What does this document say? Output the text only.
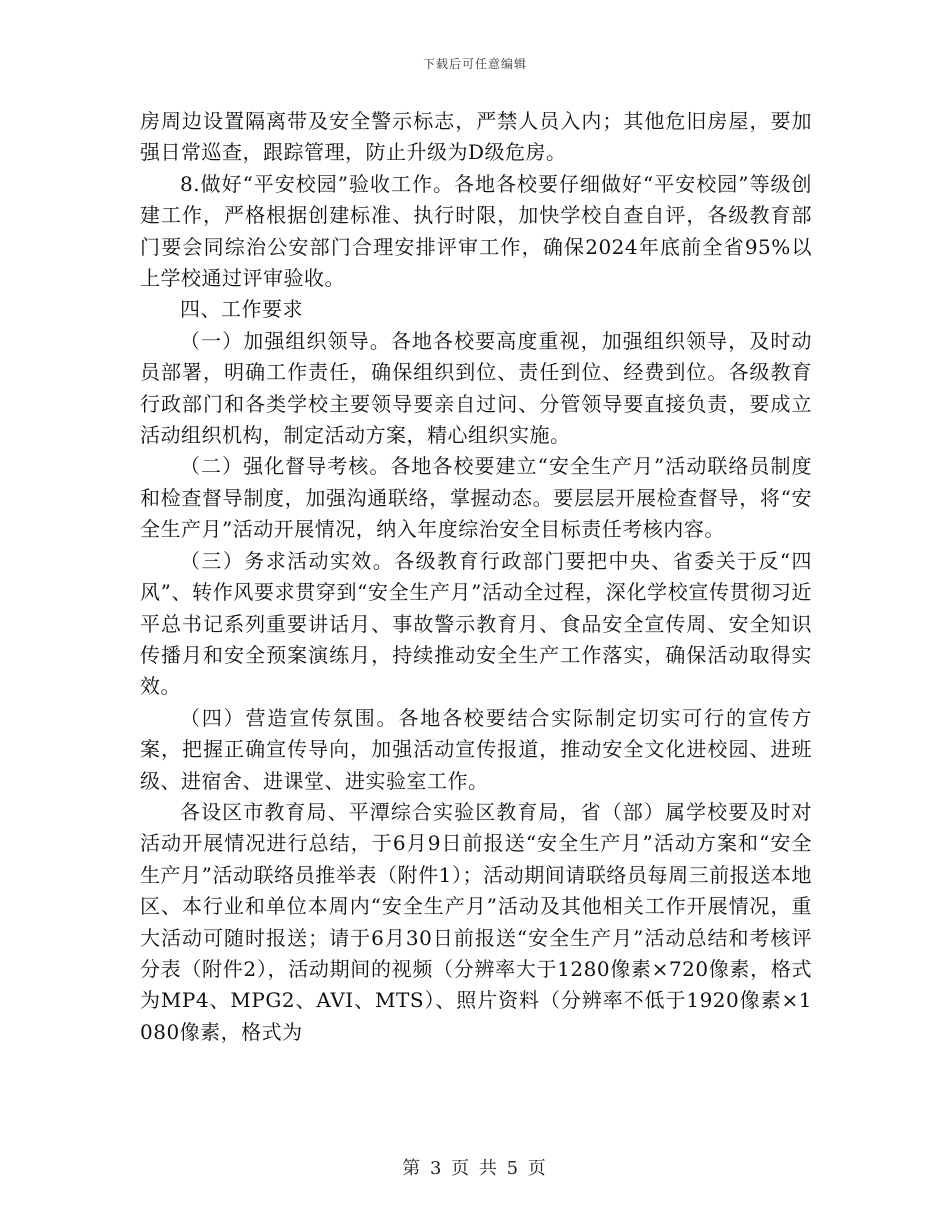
下载后可任意编辑

房周边设置隔离带及安全警示标志，严禁人员入内；其他危旧房屋，要加强日常巡查，跟踪管理，防止升级为D级危房。

8.做好“平安校园”验收工作。各地各校要仔细做好“平安校园”等级创建工作，严格根据创建标准、执行时限，加快学校自查自评，各级教育部门要会同综治公安部门合理安排评审工作，确保2024年底前全省95%以上学校通过评审验收。

四、工作要求

（一）加强组织领导。各地各校要高度重视，加强组织领导，及时动员部署，明确工作责任，确保组织到位、责任到位、经费到位。各级教育行政部门和各类学校主要领导要亲自过问、分管领导要直接负责，要成立活动组织机构，制定活动方案，精心组织实施。

（二）强化督导考核。各地各校要建立“安全生产月”活动联络员制度和检查督导制度，加强沟通联络，掌握动态。要层层开展检查督导，将“安全生产月”活动开展情况，纳入年度综治安全目标责任考核内容。

（三）务求活动实效。各级教育行政部门要把中央、省委关于反“四风”、转作风要求贯穿到“安全生产月”活动全过程，深化学校宣传贯彻习近平总书记系列重要讲话月、事故警示教育月、食品安全宣传周、安全知识传播月和安全预案演练月，持续推动安全生产工作落实，确保活动取得实效。

（四）营造宣传氛围。各地各校要结合实际制定切实可行的宣传方案，把握正确宣传导向，加强活动宣传报道，推动安全文化进校园、进班级、进宿舍、进课堂、进实验室工作。

各设区市教育局、平潭综合实验区教育局，省（部）属学校要及时对活动开展情况进行总结，于6月9日前报送“安全生产月”活动方案和“安全生产月”活动联络员推举表（附件1）；活动期间请联络员每周三前报送本地区、本行业和单位本周内“安全生产月”活动及其他相关工作开展情况，重大活动可随时报送；请于6月30日前报送“安全生产月”活动总结和考核评分表（附件2），活动期间的视频（分辨率大于1280像素×720像素，格式为MP4、MPG2、AVI、MTS）、照片资料（分辨率不低于1920像素×1080像素，格式为

第 3 页 共 5 页
